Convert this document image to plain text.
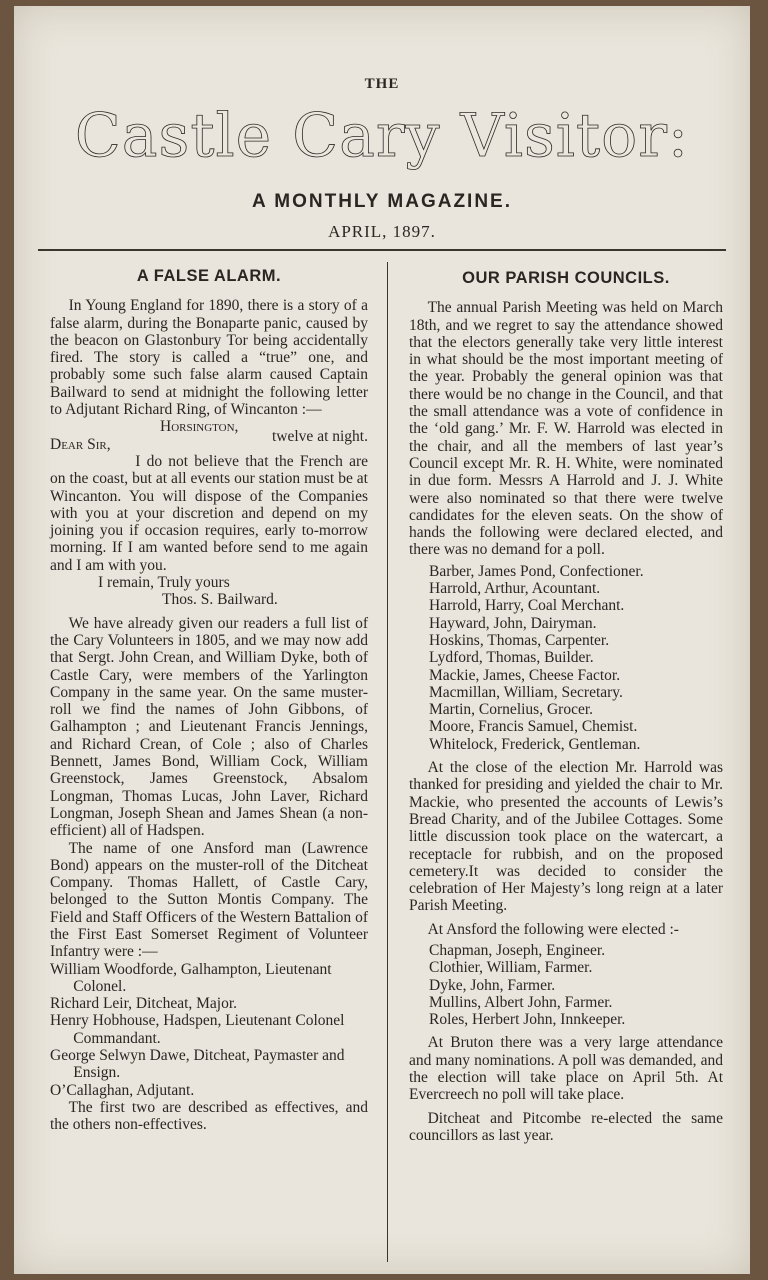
THE
Castle Cary Visitor:
A MONTHLY MAGAZINE.
APRIL, 1897.
A FALSE ALARM.

In Young England for 1890, there is a story of a false alarm, during the Bonaparte panic, caused by the beacon on Glastonbury Tor being accidentally fired. The story is called a “true” one, and probably some such false alarm caused Captain Bailward to send at midnight the following letter to Adjutant Richard Ring, of Wincanton :—

Horsington,
Dear Sir,	twelve at night.

I do not believe that the French are on the coast, but at all events our station must be at Wincanton. You will dispose of the Companies with you at your discretion and depend on my joining you if occasion requires, early to-morrow morning. If I am wanted before send to me again and I am with you.

I remain, Truly yours
Thos. S. Bailward.

We have already given our readers a full list of the Cary Volunteers in 1805, and we may now add that Sergt. John Crean, and William Dyke, both of Castle Cary, were members of the Yarlington Company in the same year. On the same muster-roll we find the names of John Gibbons, of Galhampton ; and Lieutenant Francis Jennings, and Richard Crean, of Cole ; also of Charles Bennett, James Bond, William Cock, William Greenstock, James Greenstock, Absalom Longman, Thomas Lucas, John Laver, Richard Longman, Joseph Shean and James Shean (a non-efficient) all of Hadspen.

The name of one Ansford man (Lawrence Bond) appears on the muster-roll of the Ditcheat Company. Thomas Hallett, of Castle Cary, belonged to the Sutton Montis Company. The Field and Staff Officers of the Western Battalion of the First East Somerset Regiment of Volunteer Infantry were :—

William Woodforde, Galhampton, Lieutenant Colonel.
Richard Leir, Ditcheat, Major.
Henry Hobhouse, Hadspen, Lieutenant Colonel Commandant.
George Selwyn Dawe, Ditcheat, Paymaster and Ensign.
O’Callaghan, Adjutant.

The first two are described as effectives, and the others non-effectives.

OUR PARISH COUNCILS.

The annual Parish Meeting was held on March 18th, and we regret to say the attendance showed that the electors generally take very little interest in what should be the most important meeting of the year. Probably the general opinion was that there would be no change in the Council, and that the small attendance was a vote of confidence in the ‘old gang.’ Mr. F. W. Harrold was elected in the chair, and all the members of last year’s Council except Mr. R. H. White, were nominated in due form. Messrs A Harrold and J. J. White were also nominated so that there were twelve candidates for the eleven seats. On the show of hands the following were declared elected, and there was no demand for a poll.

Barber, James Pond, Confectioner.
Harrold, Arthur, Acountant.
Harrold, Harry, Coal Merchant.
Hayward, John, Dairyman.
Hoskins, Thomas, Carpenter.
Lydford, Thomas, Builder.
Mackie, James, Cheese Factor.
Macmillan, William, Secretary.
Martin, Cornelius, Grocer.
Moore, Francis Samuel, Chemist.
Whitelock, Frederick, Gentleman.

At the close of the election Mr. Harrold was thanked for presiding and yielded the chair to Mr. Mackie, who presented the accounts of Lewis’s Bread Charity, and of the Jubilee Cottages. Some little discussion took place on the watercart, a receptacle for rubbish, and on the proposed cemetery.It was decided to consider the celebration of Her Majesty’s long reign at a later Parish Meeting.

At Ansford the following were elected :-

Chapman, Joseph, Engineer.
Clothier, William, Farmer.
Dyke, John, Farmer.
Mullins, Albert John, Farmer.
Roles, Herbert John, Innkeeper.

At Bruton there was a very large attendance and many nominations. A poll was demanded, and the election will take place on April 5th. At Evercreech no poll will take place.

Ditcheat and Pitcombe re-elected the same councillors as last year.
